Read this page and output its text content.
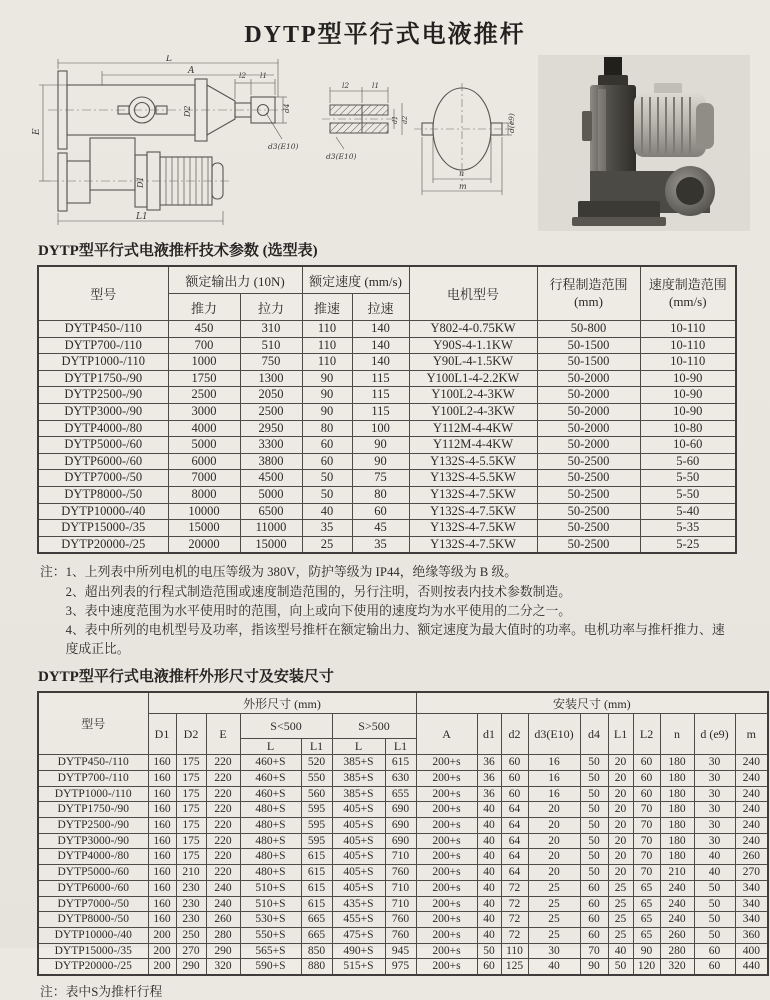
DYTP型平行式电液推杆
L
A	l2 l1
E
D2
D1
L1
d4
d3(E10)
l2	l1
d3(E10)
d1 d2	d(e9)
n
m
DYTP型平行式电液推杆技术参数 (选型表)
型号	额定输出力 (10N)		额定速度 (mm/s)		电机型号	行程制造范围
(mm)	速度制造范围
(mm/s)
	推力	拉力	推速	拉速			
DYTP450-/110	450	310	110	140	Y802-4-0.75KW	50-800	10-110
DYTP700-/110	700	510	110	140	Y90S-4-1.1KW	50-1500	10-110
DYTP1000-/110	1000	750	110	140	Y90L-4-1.5KW	50-1500	10-110
DYTP1750-/90	1750	1300	90	115	Y100L1-4-2.2KW	50-2000	10-90
DYTP2500-/90	2500	2050	90	115	Y100L2-4-3KW	50-2000	10-90
DYTP3000-/90	3000	2500	90	115	Y100L2-4-3KW	50-2000	10-90
DYTP4000-/80	4000	2950	80	100	Y112M-4-4KW	50-2000	10-80
DYTP5000-/60	5000	3300	60	90	Y112M-4-4KW	50-2000	10-60
DYTP6000-/60	6000	3800	60	90	Y132S-4-5.5KW	50-2500	5-60
DYTP7000-/50	7000	4500	50	75	Y132S-4-5.5KW	50-2500	5-50
DYTP8000-/50	8000	5000	50	80	Y132S-4-7.5KW	50-2500	5-50
DYTP10000-/40	10000	6500	40	60	Y132S-4-7.5KW	50-2500	5-40
DYTP15000-/35	15000	11000	35	45	Y132S-4-7.5KW	50-2500	5-35
DYTP20000-/25	20000	15000	25	35	Y132S-4-7.5KW	50-2500	5-25
注： 1、上列表中所列电机的电压等级为 380V，防护等级为 IP44，绝缘等级为 B 级。
2、超出列表的行程式制造范围或速度制造范围的，另行注明，否则按表内技术参数制造。
3、表中速度范围为水平使用时的范围，向上或向下使用的速度均为水平使用的二分之一。
4、表中所列的电机型号及功率，指该型号推杆在额定输出力、额定速度为最大值时的功率。电机功率与推杆推力、速度成正比。
DYTP型平行式电液推杆外形尺寸及安装尺寸
型号	外形尺寸 (mm)							安装尺寸 (mm)									
	D1	D2	E	S<500		S>500		A	d1	d2	d3(E10)	d4	L1	L2	n	d (e9)	m
				L	L1	L	L1										
DYTP450-/110	160	175	220	460+S	520	385+S	615	200+s	36	60	16	50	20	60	180	30	240
DYTP700-/110	160	175	220	460+S	550	385+S	630	200+s	36	60	16	50	20	60	180	30	240
DYTP1000-/110	160	175	220	460+S	560	385+S	655	200+s	36	60	16	50	20	60	180	30	240
DYTP1750-/90	160	175	220	480+S	595	405+S	690	200+s	40	64	20	50	20	70	180	30	240
DYTP2500-/90	160	175	220	480+S	595	405+S	690	200+s	40	64	20	50	20	70	180	30	240
DYTP3000-/90	160	175	220	480+S	595	405+S	690	200+s	40	64	20	50	20	70	180	30	240
DYTP4000-/80	160	175	220	480+S	615	405+S	710	200+s	40	64	20	50	20	70	180	40	260
DYTP5000-/60	160	210	220	480+S	615	405+S	760	200+s	40	64	20	50	20	70	210	40	270
DYTP6000-/60	160	230	240	510+S	615	405+S	710	200+s	40	72	25	60	25	65	240	50	340
DYTP7000-/50	160	230	240	510+S	615	435+S	710	200+s	40	72	25	60	25	65	240	50	340
DYTP8000-/50	160	230	260	530+S	665	455+S	760	200+s	40	72	25	60	25	65	240	50	340
DYTP10000-/40	200	250	280	550+S	665	475+S	760	200+s	40	72	25	60	25	65	260	50	360
DYTP15000-/35	200	270	290	565+S	850	490+S	945	200+s	50	110	30	70	40	90	280	60	400
DYTP20000-/25	200	290	320	590+S	880	515+S	975	200+s	60	125	40	90	50	120	320	60	440
注：表中S为推杆行程
